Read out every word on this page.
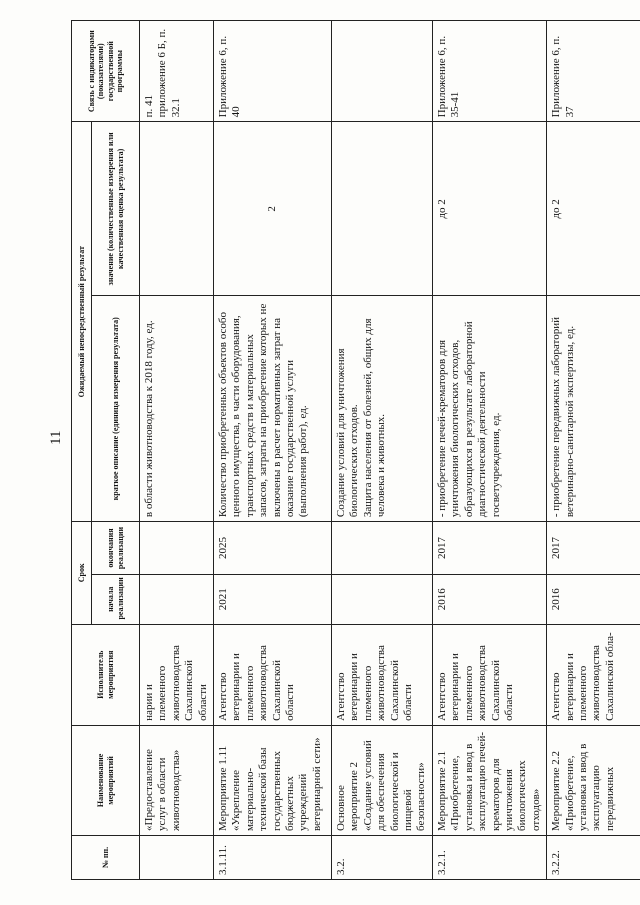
11
№ пп.	Наименование мероприятий	Исполнитель мероприятия	Срок		Ожидаемый непосредственный результат		Связь с индикаторами (показателями) государственной программы
			начала реализации	окончания реализации	краткое описание (единица измерения результата)	значение (количественные измерения или качественная оценка результата)	
	«Предоставление услуг в области животноводства»	нарии и племенного животноводства Сахалинской области			в области животноводства к 2018 году, ед.		п. 41
приложение 6 Б, п. 32.1
3.1.11.	Мероприятие 1.11 «Укрепление материально-технической базы государственных бюджетных учреждений ветеринарной сети»	Агентство ветеринарии и племенного животноводства Сахалинской области	2021	2025	Количество приобретенных объектов особо ценного имущества, в части оборудования, транспортных средств и материальных запасов, затраты на приобретение которых не включены в расчет нормативных затрат на оказание государственной услуги (выполнения работ), ед.	2	Приложение 6, п. 40
3.2.	Основное мероприятие 2 «Создание условий для обеспечения биологической и пищевой безопасности»	Агентство ветеринарии и племенного животноводства Сахалинской области			Создание условий для уничтожения биологических отходов.
Защита населения от болезней, общих для человека и животных.		
3.2.1.	Мероприятие 2.1 «Приобретение, установка и ввод в эксплуатацию печей-крематоров для уничтожения биологических отходов»	Агентство ветеринарии и племенного животноводства Сахалинской области	2016	2017	- приобретение печей-крематоров для уничтожения биологических отходов, образующихся в результате лабораторной диагностической деятельности госветучреждения, ед.	до 2	Приложение 6, п. 35-41
3.2.2.	Мероприятие 2.2 «Приобретение, установка и ввод в эксплуатацию передвижных	Агентство ветеринарии и племенного животноводства Сахалинской обла-	2016	2017	- приобретение передвижных лабораторий ветеринарно-санитарной экспертизы, ед.	до 2	Приложение 6, п. 37
